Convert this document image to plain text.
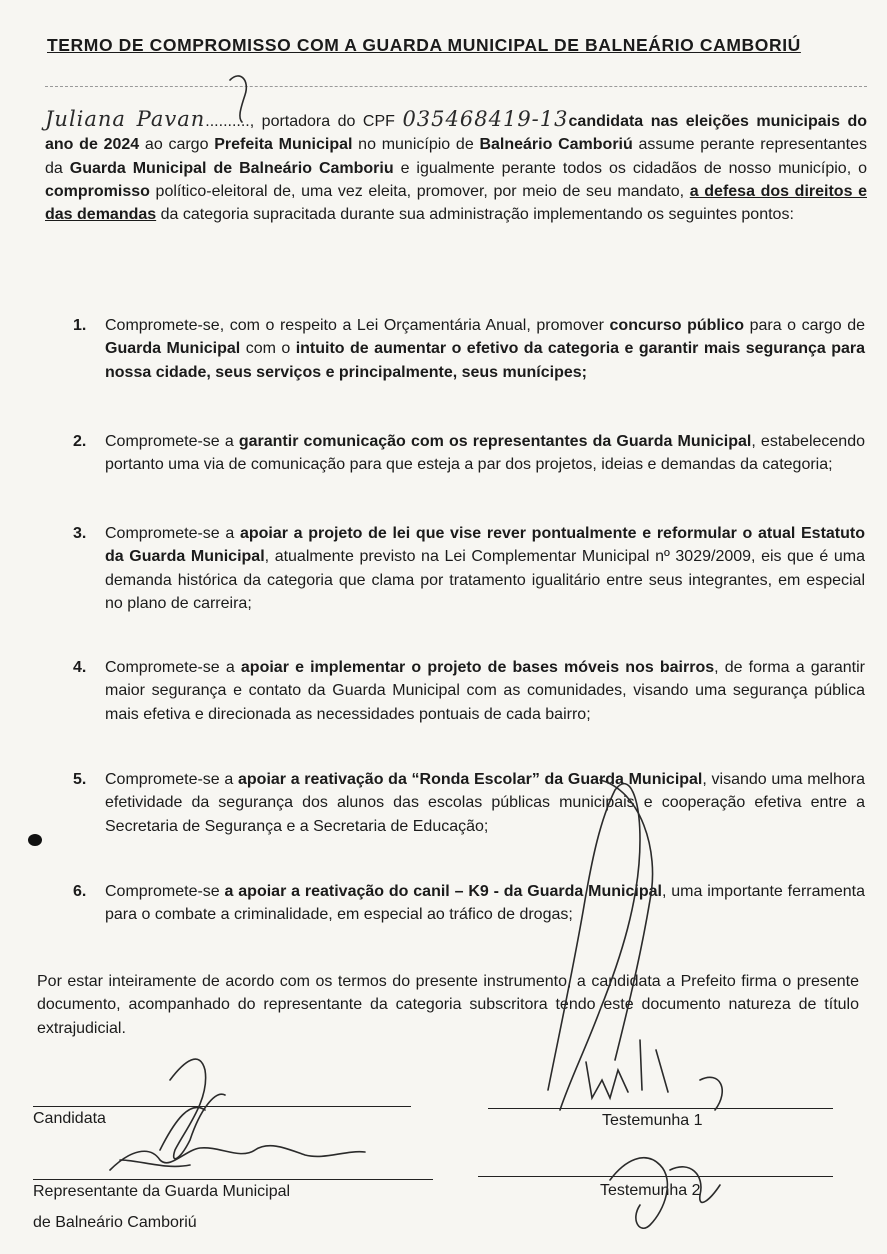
TERMO DE COMPROMISSO COM A GUARDA MUNICIPAL DE BALNEÁRIO CAMBORIÚ
Juliana Pavan.........., portadora do CPF 035468419-13candidata nas eleições municipais do ano de 2024 ao cargo Prefeita Municipal no município de Balneário Camboriú assume perante representantes da Guarda Municipal de Balneário Camboriu e igualmente perante todos os cidadãos de nosso município, o compromisso político-eleitoral de, uma vez eleita, promover, por meio de seu mandato, a defesa dos direitos e das demandas da categoria supracitada durante sua administração implementando os seguintes pontos:
1. Compromete-se, com o respeito a Lei Orçamentária Anual, promover concurso público para o cargo de Guarda Municipal com o intuito de aumentar o efetivo da categoria e garantir mais segurança para nossa cidade, seus serviços e principalmente, seus munícipes;
2. Compromete-se a garantir comunicação com os representantes da Guarda Municipal, estabelecendo portanto uma via de comunicação para que esteja a par dos projetos, ideias e demandas da categoria;
3. Compromete-se a apoiar a projeto de lei que vise rever pontualmente e reformular o atual Estatuto da Guarda Municipal, atualmente previsto na Lei Complementar Municipal nº 3029/2009, eis que é uma demanda histórica da categoria que clama por tratamento igualitário entre seus integrantes, em especial no plano de carreira;
4. Compromete-se a apoiar e implementar o projeto de bases móveis nos bairros, de forma a garantir maior segurança e contato da Guarda Municipal com as comunidades, visando uma segurança pública mais efetiva e direcionada as necessidades pontuais de cada bairro;
5. Compromete-se a apoiar a reativação da “Ronda Escolar” da Guarda Municipal, visando uma melhora efetividade da segurança dos alunos das escolas públicas municipais e cooperação efetiva entre a Secretaria de Segurança e a Secretaria de Educação;
6. Compromete-se a apoiar a reativação do canil – K9 - da Guarda Municipal, uma importante ferramenta para o combate a criminalidade, em especial ao tráfico de drogas;
Por estar inteiramente de acordo com os termos do presente instrumento, a candidata a Prefeito firma o presente documento, acompanhado do representante da categoria subscritora tendo este documento natureza de título extrajudicial.
Candidata	Testemunha 1
Representante da Guarda Municipal
de Balneário Camboriú
Testemunha 2
